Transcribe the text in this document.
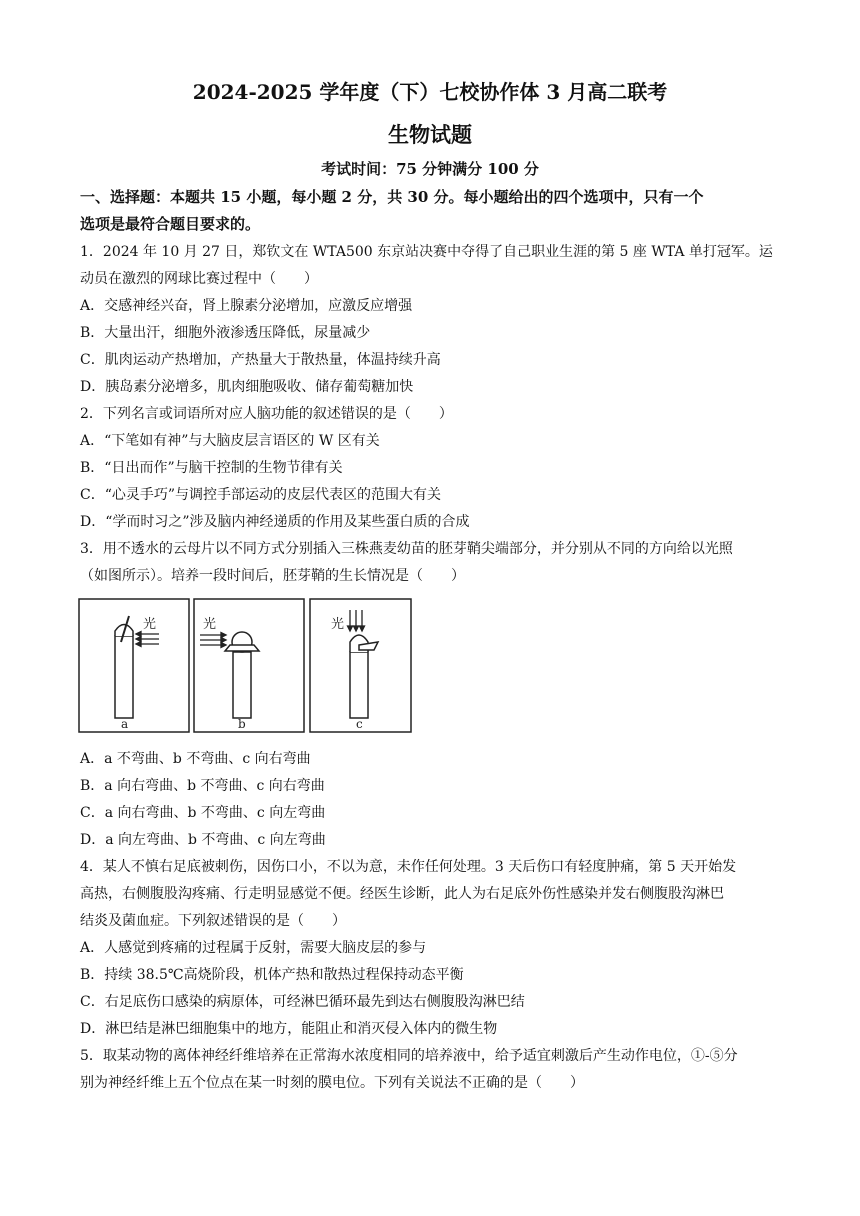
2024-2025 学年度（下）七校协作体 3 月高二联考
生物试题
考试时间：75 分钟满分 100 分
一、选择题：本题共 15 小题，每小题 2 分，共 30 分。每小题给出的四个选项中，只有一个
选项是最符合题目要求的。
1．2024 年 10 月 27 日，郑钦文在 WTA500 东京站决赛中夺得了自己职业生涯的第 5 座 WTA 单打冠军。运
动员在激烈的网球比赛过程中（　　）
A．交感神经兴奋，肾上腺素分泌增加，应激反应增强
B．大量出汗，细胞外液渗透压降低，尿量减少
C．肌肉运动产热增加，产热量大于散热量，体温持续升高
D．胰岛素分泌增多，肌肉细胞吸收、储存葡萄糖加快
2．下列名言或词语所对应人脑功能的叙述错误的是（　　）
A．“下笔如有神”与大脑皮层言语区的 W 区有关
B．“日出而作”与脑干控制的生物节律有关
C．“心灵手巧”与调控手部运动的皮层代表区的范围大有关
D．“学而时习之”涉及脑内神经递质的作用及某些蛋白质的合成
3．用不透水的云母片以不同方式分别插入三株燕麦幼苗的胚芽鞘尖端部分，并分别从不同的方向给以光照
（如图所示）。培养一段时间后，胚芽鞘的生长情况是（　　）
光
a
光
b
光
c
A．a 不弯曲、b 不弯曲、c 向右弯曲
B．a 向右弯曲、b 不弯曲、c 向右弯曲
C．a 向右弯曲、b 不弯曲、c 向左弯曲
D．a 向左弯曲、b 不弯曲、c 向左弯曲
4．某人不慎右足底被刺伤，因伤口小，不以为意，未作任何处理。3 天后伤口有轻度肿痛，第 5 天开始发
高热，右侧腹股沟疼痛、行走明显感觉不便。经医生诊断，此人为右足底外伤性感染并发右侧腹股沟淋巴
结炎及菌血症。下列叙述错误的是（　　）
A．人感觉到疼痛的过程属于反射，需要大脑皮层的参与
B．持续 38.5℃高烧阶段，机体产热和散热过程保持动态平衡
C．右足底伤口感染的病原体，可经淋巴循环最先到达右侧腹股沟淋巴结
D．淋巴结是淋巴细胞集中的地方，能阻止和消灭侵入体内的微生物
5．取某动物的离体神经纤维培养在正常海水浓度相同的培养液中，给予适宜刺激后产生动作电位，①-⑤分
别为神经纤维上五个位点在某一时刻的膜电位。下列有关说法不正确的是（　　）
